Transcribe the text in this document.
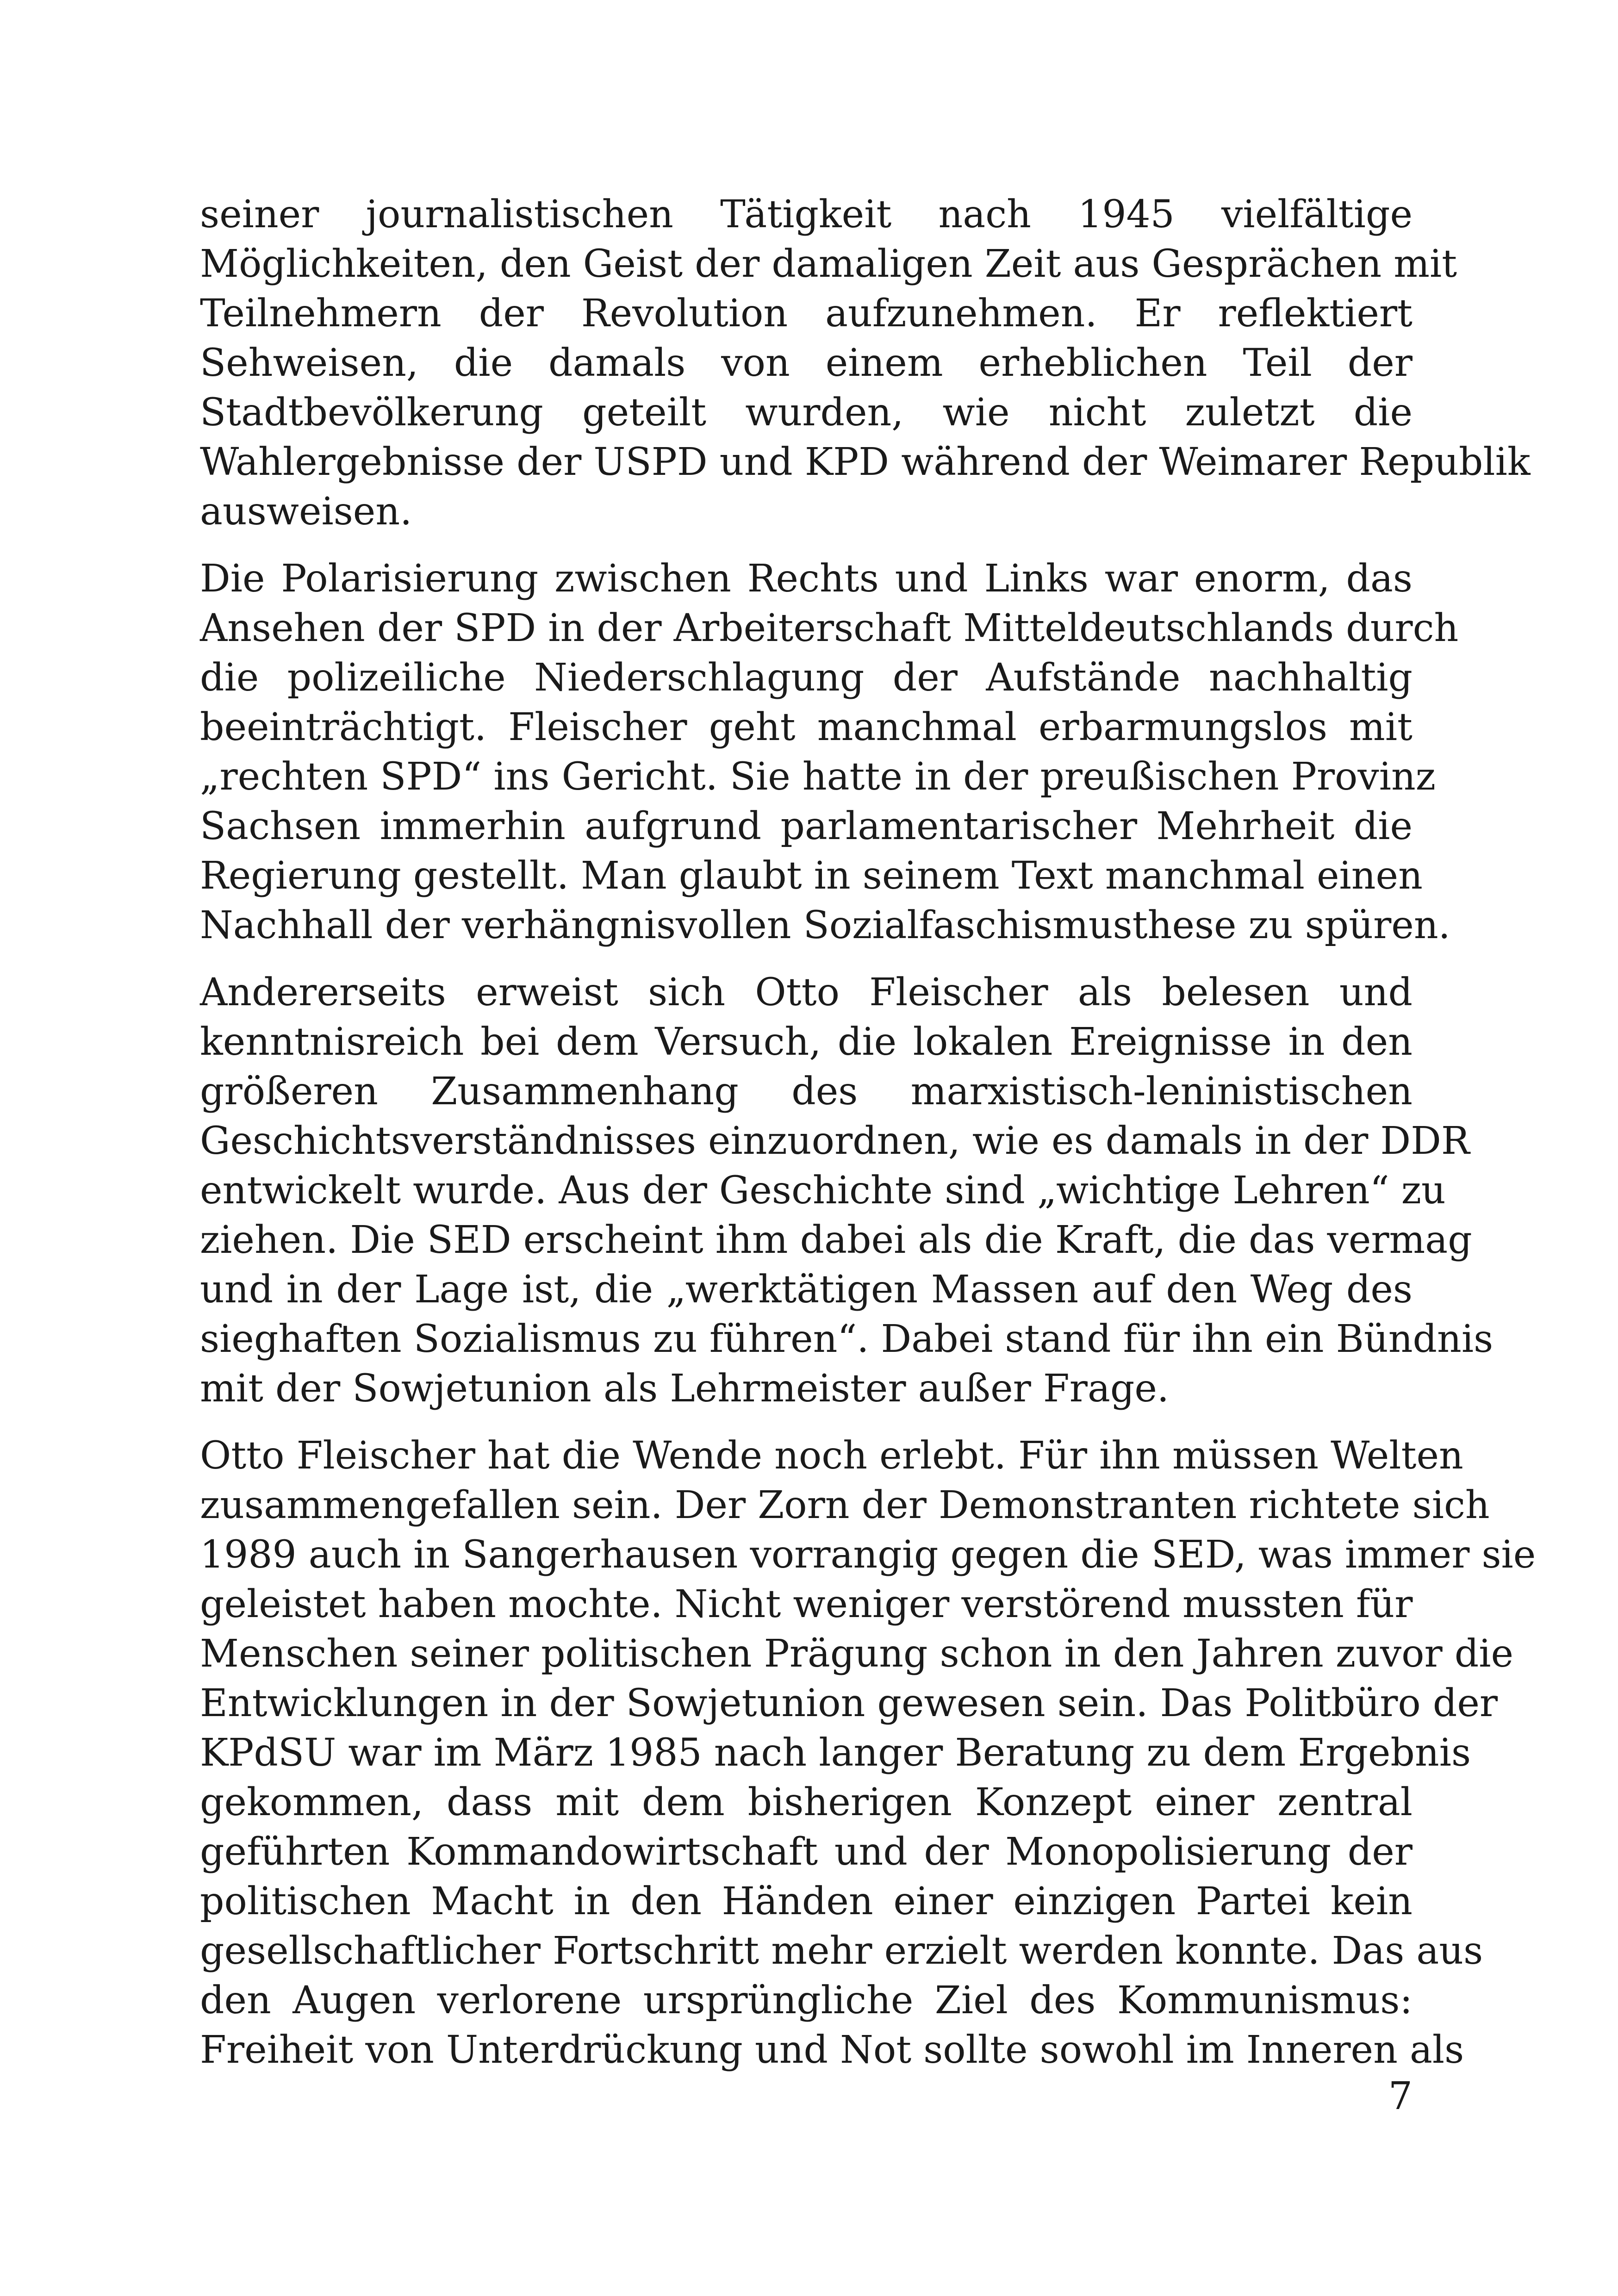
seiner journalistischen Tätigkeit nach 1945 vielfältige
Möglichkeiten, den Geist der damaligen Zeit aus Gesprächen mit
Teilnehmern der Revolution aufzunehmen. Er reflektiert
Sehweisen, die damals von einem erheblichen Teil der
Stadtbevölkerung geteilt wurden, wie nicht zuletzt die
Wahlergebnisse der USPD und KPD während der Weimarer Republik
ausweisen.

Die Polarisierung zwischen Rechts und Links war enorm, das
Ansehen der SPD in der Arbeiterschaft Mitteldeutschlands durch
die polizeiliche Niederschlagung der Aufstände nachhaltig
beeinträchtigt. Fleischer geht manchmal erbarmungslos mit
„rechten SPD“ ins Gericht. Sie hatte in der preußischen Provinz
Sachsen immerhin aufgrund parlamentarischer Mehrheit die
Regierung gestellt. Man glaubt in seinem Text manchmal einen
Nachhall der verhängnisvollen Sozialfaschismusthese zu spüren.

Andererseits erweist sich Otto Fleischer als belesen und
kenntnisreich bei dem Versuch, die lokalen Ereignisse in den
größeren Zusammenhang des marxistisch-leninistischen
Geschichtsverständnisses einzuordnen, wie es damals in der DDR
entwickelt wurde. Aus der Geschichte sind „wichtige Lehren“ zu
ziehen. Die SED erscheint ihm dabei als die Kraft, die das vermag
und in der Lage ist, die „werktätigen Massen auf den Weg des
sieghaften Sozialismus zu führen“. Dabei stand für ihn ein Bündnis
mit der Sowjetunion als Lehrmeister außer Frage.

Otto Fleischer hat die Wende noch erlebt. Für ihn müssen Welten
zusammengefallen sein. Der Zorn der Demonstranten richtete sich
1989 auch in Sangerhausen vorrangig gegen die SED, was immer sie
geleistet haben mochte. Nicht weniger verstörend mussten für
Menschen seiner politischen Prägung schon in den Jahren zuvor die
Entwicklungen in der Sowjetunion gewesen sein. Das Politbüro der
KPdSU war im März 1985 nach langer Beratung zu dem Ergebnis
gekommen, dass mit dem bisherigen Konzept einer zentral
geführten Kommandowirtschaft und der Monopolisierung der
politischen Macht in den Händen einer einzigen Partei kein
gesellschaftlicher Fortschritt mehr erzielt werden konnte. Das aus
den Augen verlorene ursprüngliche Ziel des Kommunismus:
Freiheit von Unterdrückung und Not sollte sowohl im Inneren als

7
